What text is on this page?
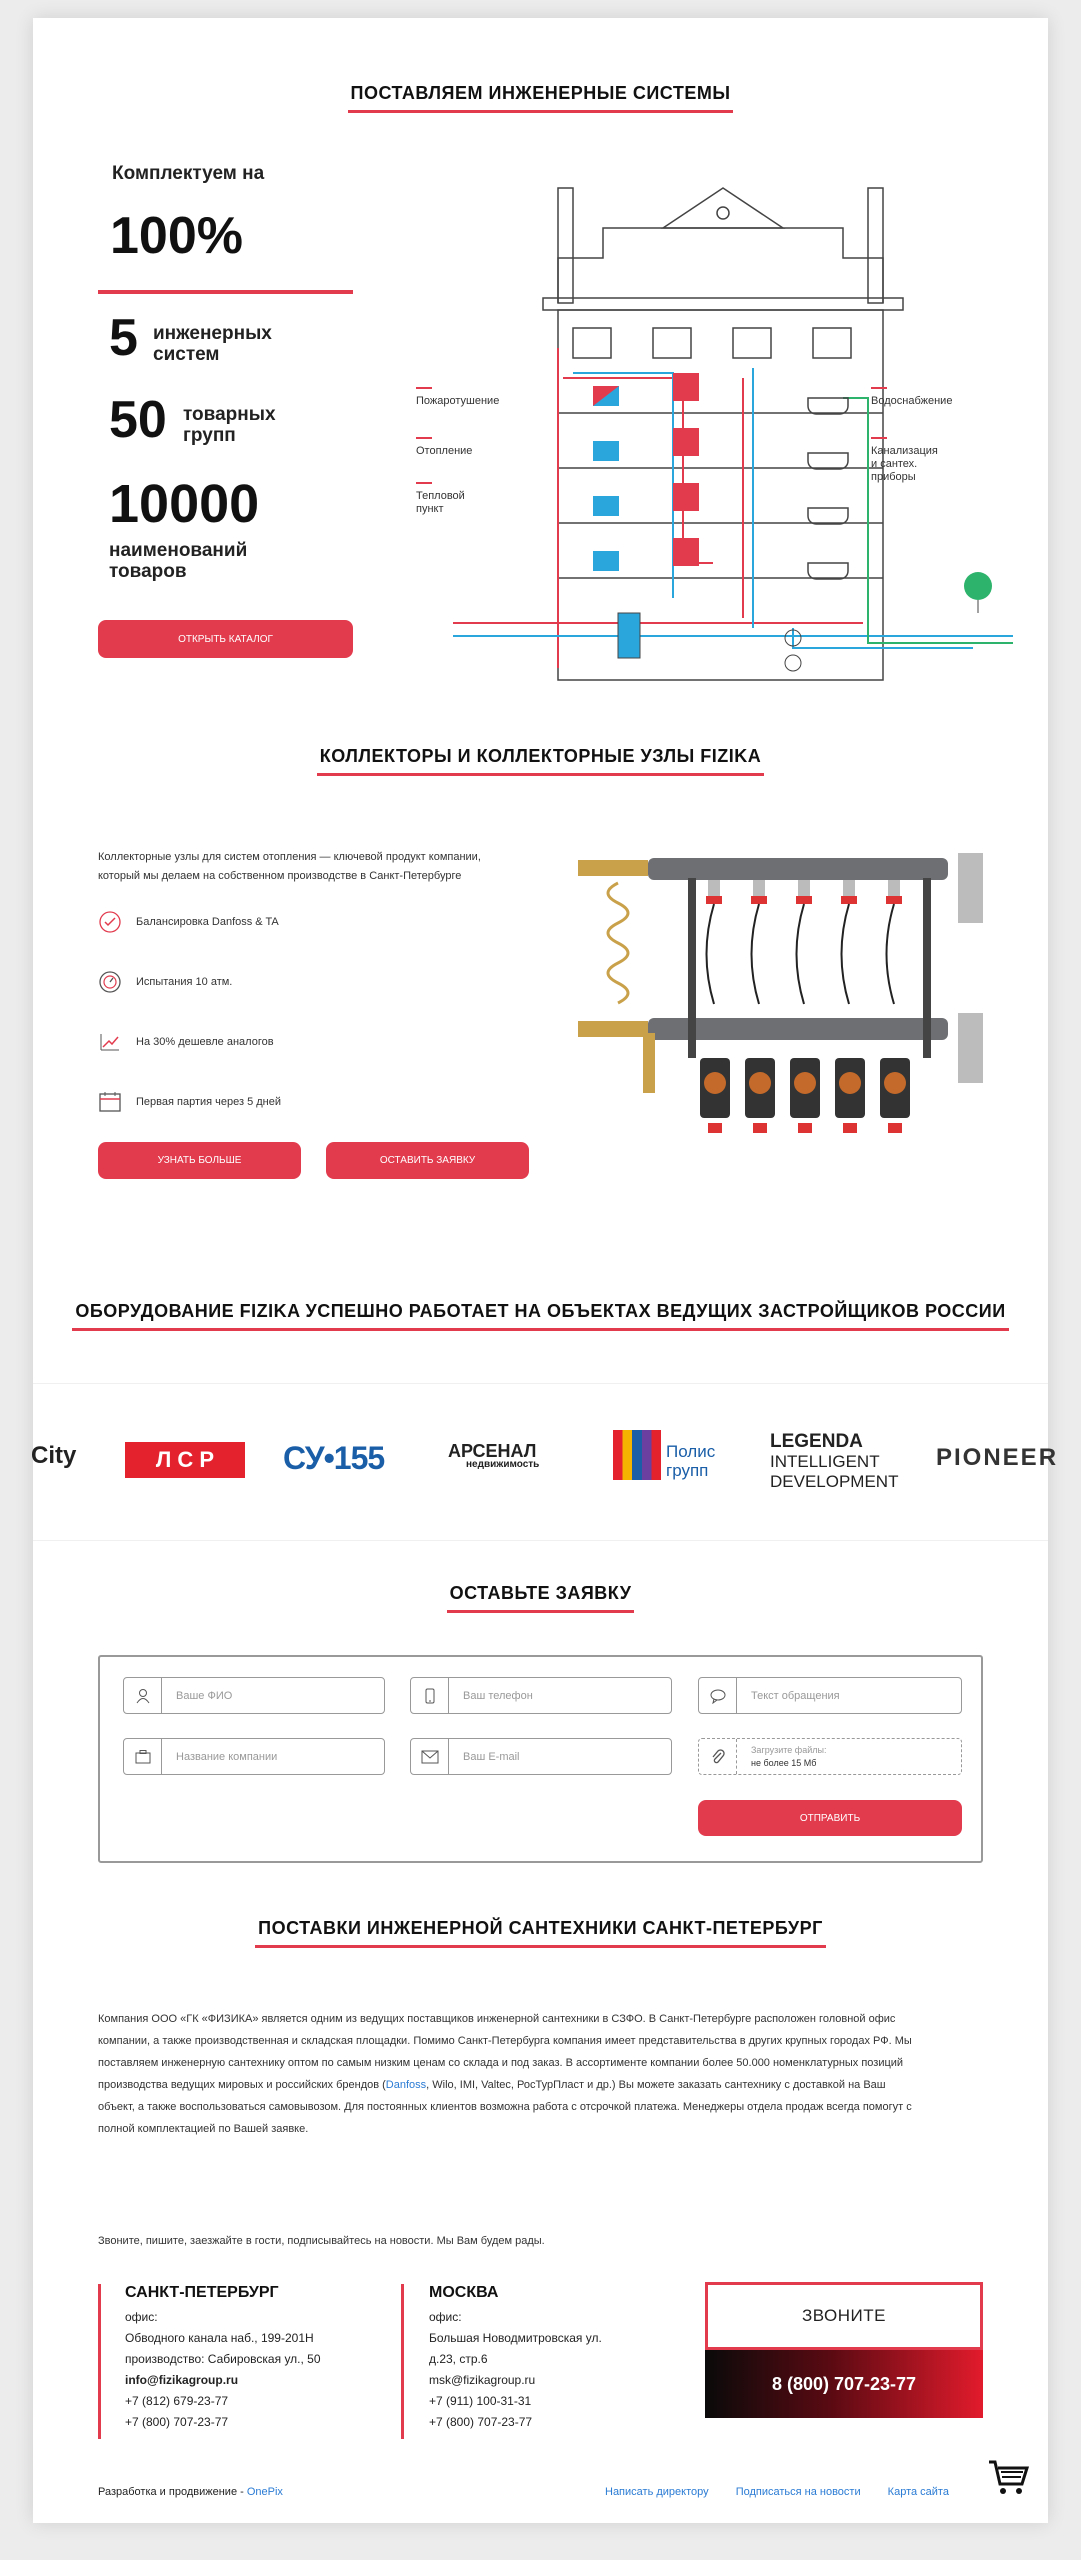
ПОСТАВЛЯЕМ ИНЖЕНЕРНЫЕ СИСТЕМЫ
Комплектуем на
100%
5 инженерных
систем
50 товарных
групп
10000
наименований
товаров
ОТКРЫТЬ КАТАЛОГ
Пожаротушение
Отопление
Тепловой
пункт
Водоснабжение
Канализация
и сантех.
приборы
КОЛЛЕКТОРЫ И КОЛЛЕКТОРНЫЕ УЗЛЫ FIZIKA
Коллекторные узлы для систем отопления — ключевой продукт компании,
который мы делаем на собственном производстве в Санкт-Петербурге
Балансировка Danfoss & TA
Испытания 10 атм.
На 30% дешевле аналогов
Первая партия через 5 дней
УЗНАТЬ БОЛЬШЕ	ОСТАВИТЬ ЗАЯВКУ
ОБОРУДОВАНИЕ FIZIKA УСПЕШНО РАБОТАЕТ НА ОБЪЕКТАХ ВЕДУЩИХ ЗАСТРОЙЩИКОВ РОССИИ
City	Л С Р	СУ•155	АРСЕНАЛ
недвижимость
Полис
групп
LEGENDA
INTELLIGENT
DEVELOPMENT
PIONEER
ОСТАВЬТЕ ЗАЯВКУ
Ваше ФИО	Ваш телефон	Текст обращения
Название компании	Ваш E-mail
Загрузите файлы:
не более 15 Мб
ОТПРАВИТЬ
ПОСТАВКИ ИНЖЕНЕРНОЙ САНТЕХНИКИ САНКТ-ПЕТЕРБУРГ
Компания ООО «ГК «ФИЗИКА» является одним из ведущих поставщиков инженерной сантехники в СЗФО. В Санкт-Петербурге расположен головной офис
компании, а также производственная и складская площадки. Помимо Санкт-Петербурга компания имеет представительства в других крупных городах РФ. Мы
поставляем инженерную сантехнику оптом по самым низким ценам со склада и под заказ. В ассортименте компании более 50.000 номенклатурных позиций
производства ведущих мировых и российских брендов (Danfoss, Wilo, IMI, Valtec, РосТурПласт и др.) Вы можете заказать сантехнику с доставкой на Ваш
объект, а также воспользоваться самовывозом. Для постоянных клиентов возможна работа с отсрочкой платежа. Менеджеры отдела продаж всегда помогут с
полной комплектацией по Вашей заявке.
Звоните, пишите, заезжайте в гости, подписывайтесь на новости. Мы Вам будем рады.
САНКТ-ПЕТЕРБУРГ
офис:
Обводного канала наб., 199-201Н
производство: Сабировская ул., 50
info@fizikagroup.ru
+7 (812) 679-23-77
+7 (800) 707-23-77
МОСКВА
офис:
Большая Новодмитровская ул.
д.23, стр.6
msk@fizikagroup.ru
+7 (911) 100-31-31
+7 (800) 707-23-77
ЗВОНИТЕ
8 (800) 707-23-77
Разработка и продвижение - OnePix	Написать директору Подписаться на новости Карта сайта
